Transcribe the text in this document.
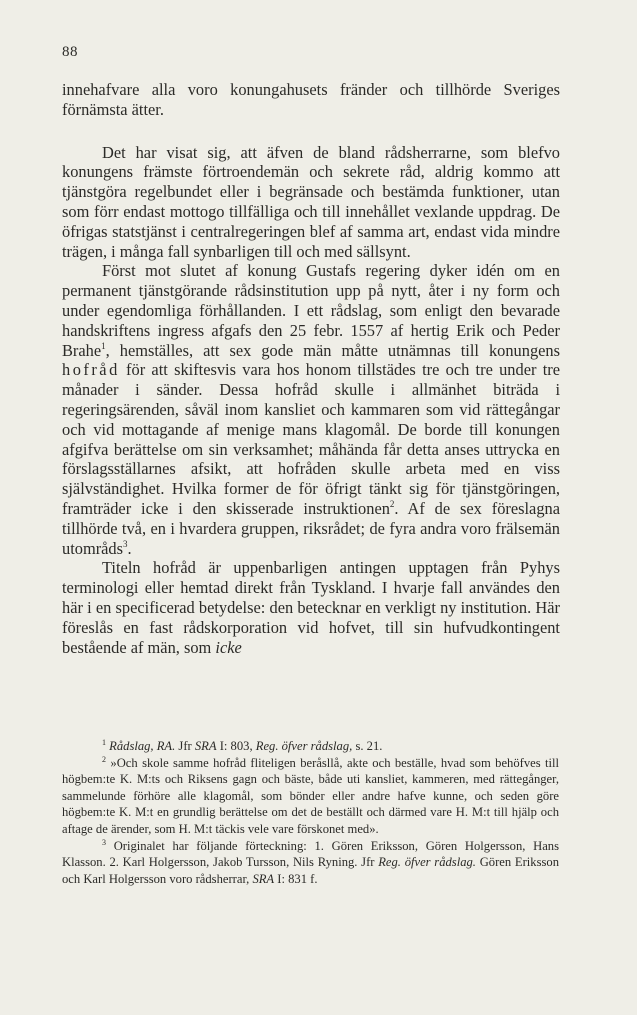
88

innehafvare alla voro konungahusets fränder och tillhörde Sveriges förnämsta ätter.

Det har visat sig, att äfven de bland rådsherrarne, som blefvo konungens främste förtroendemän och sekrete råd, aldrig kommo att tjänstgöra regelbundet eller i begränsade och bestämda funktioner, utan som förr endast mottogo tillfälliga och till innehållet vexlande uppdrag. De öfrigas statstjänst i centralregeringen blef af samma art, endast vida mindre trägen, i många fall synbarligen till och med sällsynt.

Först mot slutet af konung Gustafs regering dyker idén om en permanent tjänstgörande rådsinstitution upp på nytt, åter i ny form och under egendomliga förhållanden. I ett rådslag, som enligt den bevarade handskriftens ingress afgafs den 25 febr. 1557 af hertig Erik och Peder Brahe$^1$, hemställes, att sex gode män måtte utnämnas till konungens hofråd för att skiftesvis vara hos honom tillstädes tre och tre under tre månader i sänder. Dessa hofråd skulle i allmänhet biträda i regeringsärenden, såväl inom kansliet och kammaren som vid rättegångar och vid mottagande af menige mans klagomål. De borde till konungen afgifva berättelse om sin verksamhet; måhända får detta anses uttrycka en förslagsställarnes afsikt, att hofråden skulle arbeta med en viss självständighet. Hvilka former de för öfrigt tänkt sig för tjänstgöringen, framträder icke i den skisserade instruktionen$^2$. Af de sex föreslagna tillhörde två, en i hvardera gruppen, riksrådet; de fyra andra voro frälsemän utområds$^3$.

Titeln hofråd är uppenbarligen antingen upptagen från Pyhys terminologi eller hemtad direkt från Tyskland. I hvarje fall användes den här i en specificerad betydelse: den betecknar en verkligt ny institution. Här föreslås en fast rådskorporation vid hofvet, till sin hufvudkontingent bestående af män, som icke

$^1$ Rådslag, RA. Jfr SRA I: 803, Reg. öfver rådslag, s. 21.

$^2$ »Och skole samme hofråd fliteligen beråsllå, akte och beställe, hvad som behöfves till högbem:te K. M:ts och Riksens gagn och bäste, både uti kansliet, kammeren, med rättegånger, sammelunde förhöre alle klagomål, som bönder eller andre hafve kunne, och seden göre högbem:te K. M:t en grundlig berättelse om det de beställt och därmed vare H. M:t till hjälp och aftage de ärender, som H. M:t täckis vele vare förskonet med».

$^3$ Originalet har följande förteckning: 1. Gören Eriksson, Gören Holgersson, Hans Klasson. 2. Karl Holgersson, Jakob Tursson, Nils Ryning. Jfr Reg. öfver rådslag. Gören Eriksson och Karl Holgersson voro rådsherrar, SRA I: 831 f.
